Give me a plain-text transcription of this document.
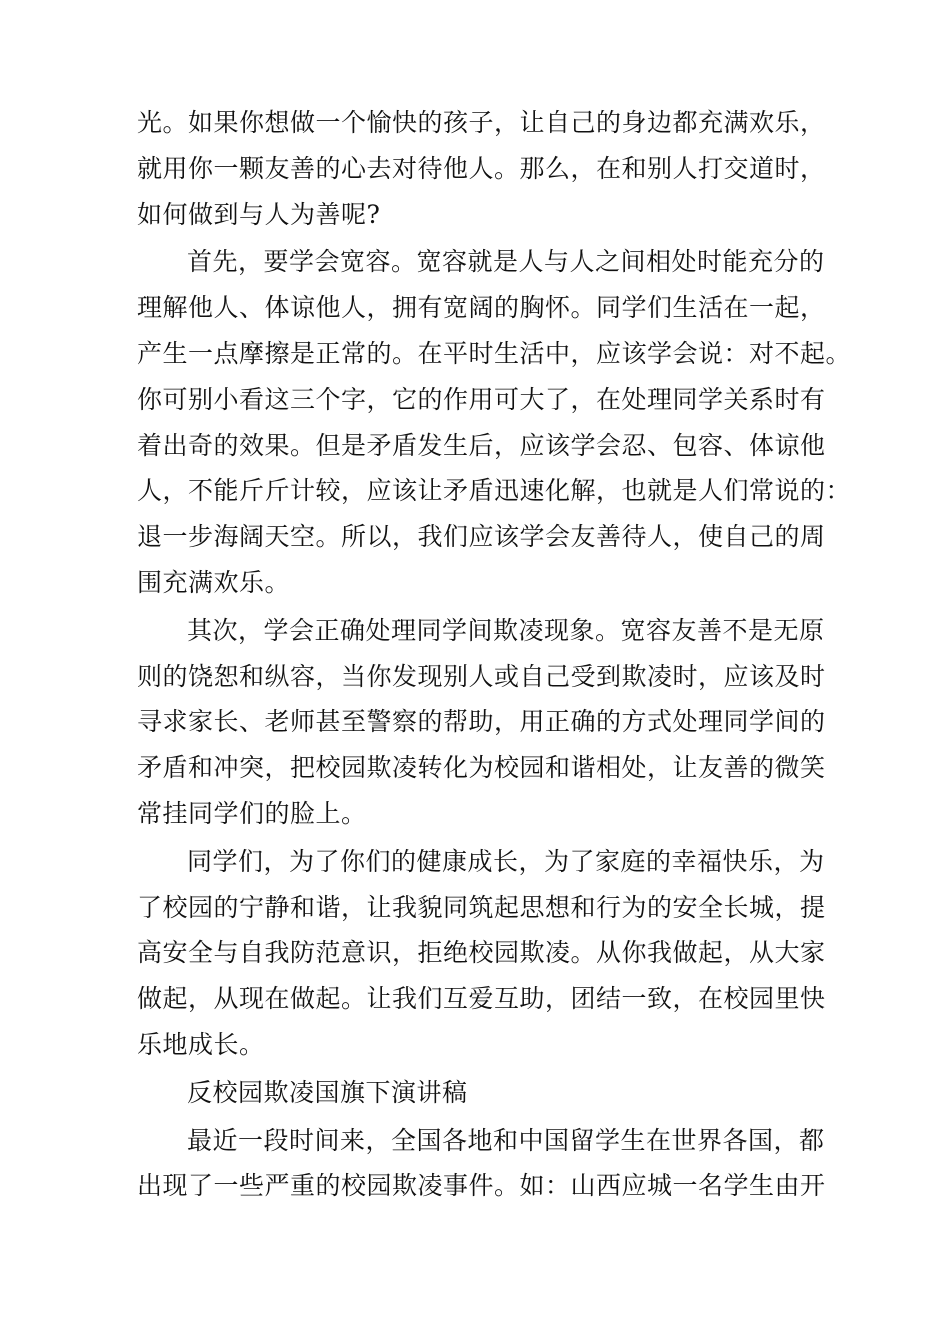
光。如果你想做一个愉快的孩子，让自己的身边都充满欢乐，
就用你一颗友善的心去对待他人。那么，在和别人打交道时，
如何做到与人为善呢?
首先，要学会宽容。宽容就是人与人之间相处时能充分的
理解他人、体谅他人，拥有宽阔的胸怀。同学们生活在一起，
产生一点摩擦是正常的。在平时生活中，应该学会说：对不起。
你可别小看这三个字，它的作用可大了，在处理同学关系时有
着出奇的效果。但是矛盾发生后，应该学会忍、包容、体谅他
人，不能斤斤计较，应该让矛盾迅速化解，也就是人们常说的：
退一步海阔天空。所以，我们应该学会友善待人，使自己的周
围充满欢乐。
其次，学会正确处理同学间欺凌现象。宽容友善不是无原
则的饶恕和纵容，当你发现别人或自己受到欺凌时，应该及时
寻求家长、老师甚至警察的帮助，用正确的方式处理同学间的
矛盾和冲突，把校园欺凌转化为校园和谐相处，让友善的微笑
常挂同学们的脸上。
同学们，为了你们的健康成长，为了家庭的幸福快乐，为
了校园的宁静和谐，让我貌同筑起思想和行为的安全长城，提
高安全与自我防范意识，拒绝校园欺凌。从你我做起，从大家
做起，从现在做起。让我们互爱互助，团结一致，在校园里快
乐地成长。
反校园欺凌国旗下演讲稿
最近一段时间来，全国各地和中国留学生在世界各国，都
出现了一些严重的校园欺凌事件。如：山西应城一名学生由开
